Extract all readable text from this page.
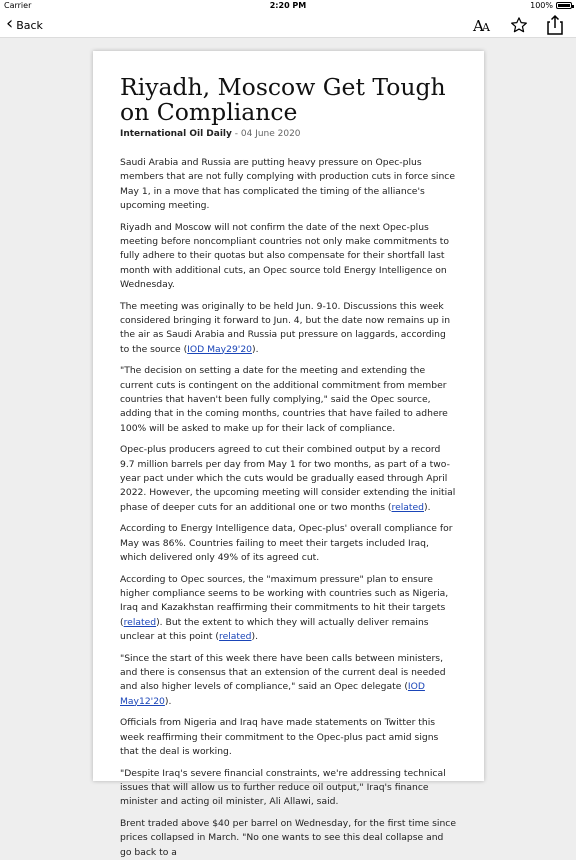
Carrier	2:20 PM	100%
‹ Back	A
A
Riyadh, Moscow Get Tough on Compliance
International Oil Daily - 04 June 2020

Saudi Arabia and Russia are putting heavy pressure on Opec-plus members that are not fully complying with production cuts in force since May 1, in a move that has complicated the timing of the alliance's upcoming meeting.

Riyadh and Moscow will not confirm the date of the next Opec-plus meeting before noncompliant countries not only make commitments to fully adhere to their quotas but also compensate for their shortfall last month with additional cuts, an Opec source told Energy Intelligence on Wednesday.

The meeting was originally to be held Jun. 9-10. Discussions this week considered bringing it forward to Jun. 4, but the date now remains up in the air as Saudi Arabia and Russia put pressure on laggards, according to the source (IOD May29'20).

"The decision on setting a date for the meeting and extending the current cuts is contingent on the additional commitment from member countries that haven't been fully complying," said the Opec source, adding that in the coming months, countries that have failed to adhere 100% will be asked to make up for their lack of compliance.

Opec-plus producers agreed to cut their combined output by a record 9.7 million barrels per day from May 1 for two months, as part of a two-year pact under which the cuts would be gradually eased through April 2022. However, the upcoming meeting will consider extending the initial phase of deeper cuts for an additional one or two months (related).

According to Energy Intelligence data, Opec-plus' overall compliance for May was 86%. Countries failing to meet their targets included Iraq, which delivered only 49% of its agreed cut.

According to Opec sources, the "maximum pressure" plan to ensure higher compliance seems to be working with countries such as Nigeria, Iraq and Kazakhstan reaffirming their commitments to hit their targets (related). But the extent to which they will actually deliver remains unclear at this point (related).

"Since the start of this week there have been calls between ministers, and there is consensus that an extension of the current deal is needed and also higher levels of compliance," said an Opec delegate (IOD May12'20).

Officials from Nigeria and Iraq have made statements on Twitter this week reaffirming their commitment to the Opec-plus pact amid signs that the deal is working.

"Despite Iraq's severe financial constraints, we're addressing technical issues that will allow us to further reduce oil output," Iraq's finance minister and acting oil minister, Ali Allawi, said.

Brent traded above $40 per barrel on Wednesday, for the first time since prices collapsed in March. "No one wants to see this deal collapse and go back to a
